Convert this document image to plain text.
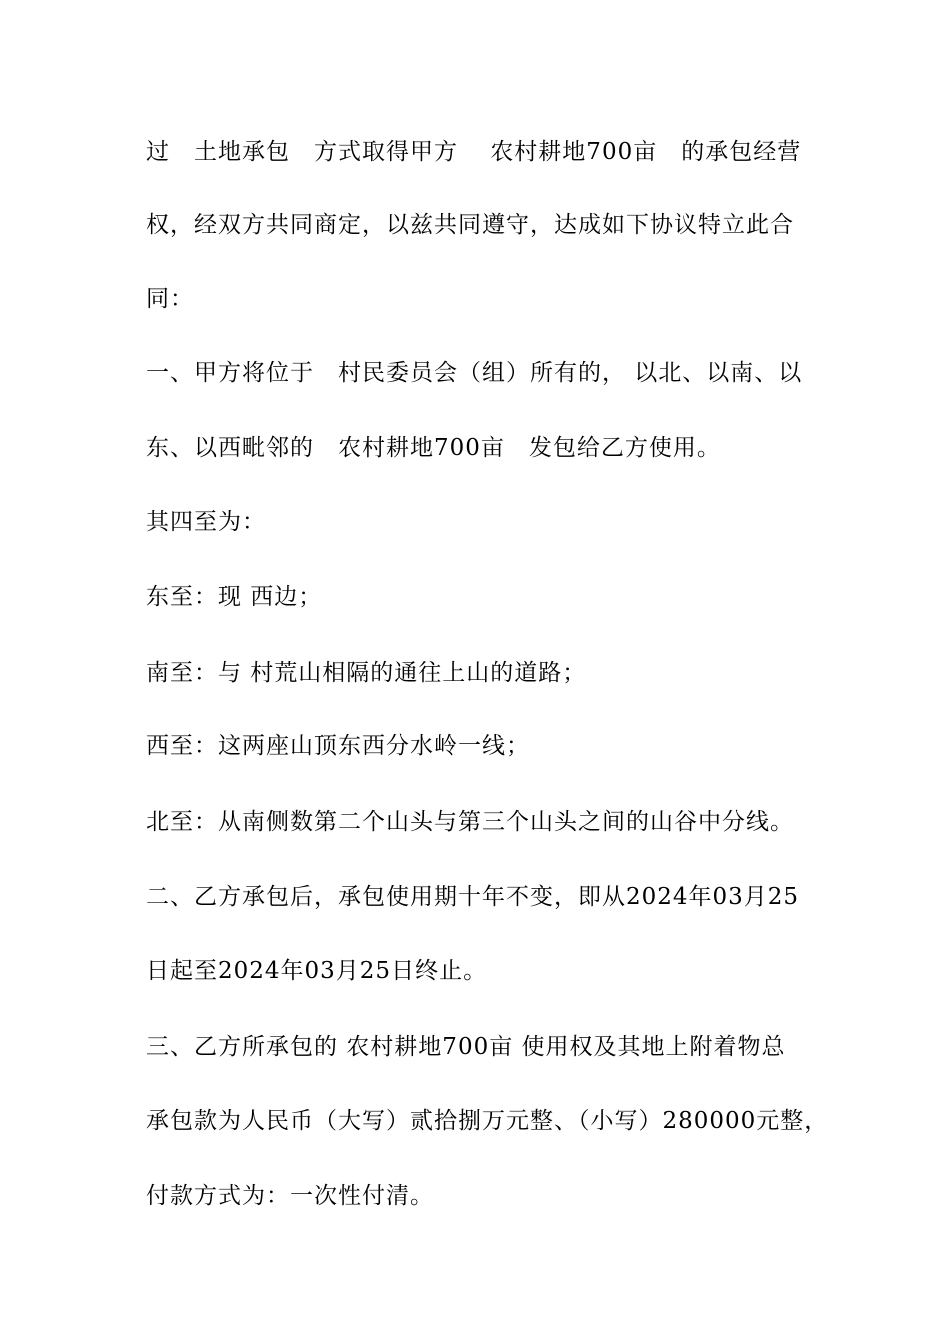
过　土地承包　方式取得甲方　 农村耕地700亩　的承包经营
权，经双方共同商定，以兹共同遵守，达成如下协议特立此合
同：
一、甲方将位于　村民委员会（组）所有的， 以北、以南、以
东、以西毗邻的　农村耕地700亩　发包给乙方使用。
其四至为：
东至：现 西边；
南至：与 村荒山相隔的通往上山的道路；
西至：这两座山顶东西分水岭一线；
北至：从南侧数第二个山头与第三个山头之间的山谷中分线。
二、乙方承包后，承包使用期十年不变，即从2024年03月25
日起至2024年03月25日终止。
三、乙方所承包的 农村耕地700亩 使用权及其地上附着物总
承包款为人民币（大写）贰拾捌万元整、（小写）280000元整，
付款方式为：一次性付清。
